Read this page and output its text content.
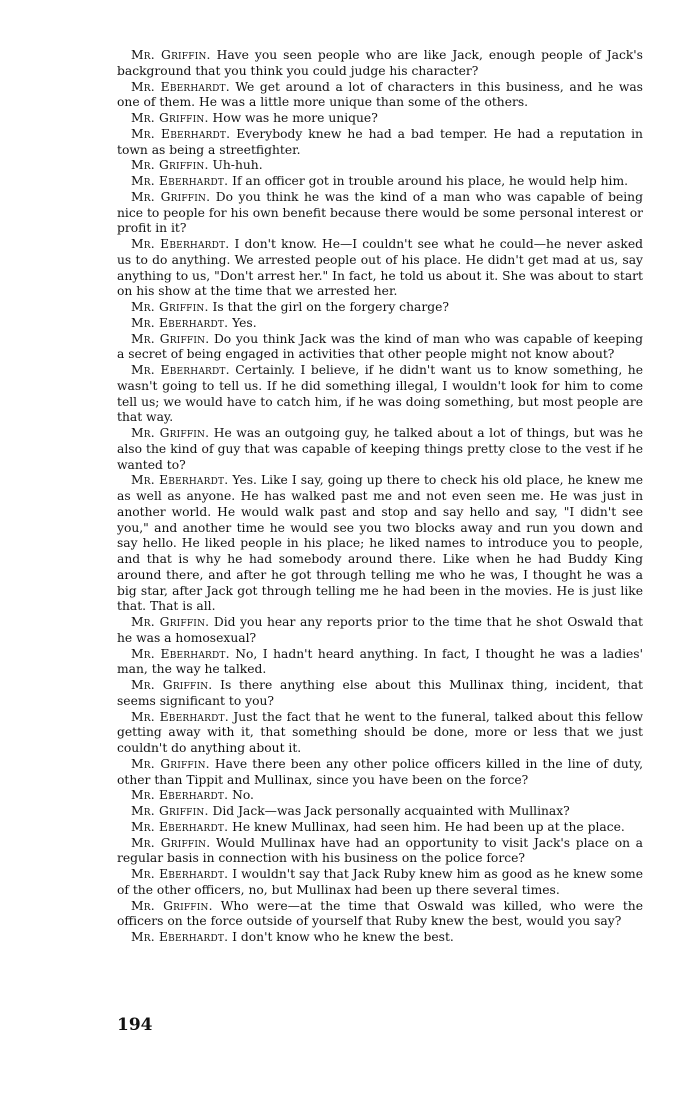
Mr. Griffin. Have you seen people who are like Jack, enough people of Jack's background that you think you could judge his character?

Mr. Eberhardt. We get around a lot of characters in this business, and he was one of them. He was a little more unique than some of the others.

Mr. Griffin. How was he more unique?

Mr. Eberhardt. Everybody knew he had a bad temper. He had a reputation in town as being a streetfighter.

Mr. Griffin. Uh-huh.

Mr. Eberhardt. If an officer got in trouble around his place, he would help him.

Mr. Griffin. Do you think he was the kind of a man who was capable of being nice to people for his own benefit because there would be some personal interest or profit in it?

Mr. Eberhardt. I don't know. He—I couldn't see what he could—he never asked us to do anything. We arrested people out of his place. He didn't get mad at us, say anything to us, "Don't arrest her." In fact, he told us about it. She was about to start on his show at the time that we arrested her.

Mr. Griffin. Is that the girl on the forgery charge?

Mr. Eberhardt. Yes.

Mr. Griffin. Do you think Jack was the kind of man who was capable of keeping a secret of being engaged in activities that other people might not know about?

Mr. Eberhardt. Certainly. I believe, if he didn't want us to know something, he wasn't going to tell us. If he did something illegal, I wouldn't look for him to come tell us; we would have to catch him, if he was doing something, but most people are that way.

Mr. Griffin. He was an outgoing guy, he talked about a lot of things, but was he also the kind of guy that was capable of keeping things pretty close to the vest if he wanted to?

Mr. Eberhardt. Yes. Like I say, going up there to check his old place, he knew me as well as anyone. He has walked past me and not even seen me. He was just in another world. He would walk past and stop and say hello and say, "I didn't see you," and another time he would see you two blocks away and run you down and say hello. He liked people in his place; he liked names to introduce you to people, and that is why he had somebody around there. Like when he had Buddy King around there, and after he got through telling me who he was, I thought he was a big star, after Jack got through telling me he had been in the movies. He is just like that. That is all.

Mr. Griffin. Did you hear any reports prior to the time that he shot Oswald that he was a homosexual?

Mr. Eberhardt. No, I hadn't heard anything. In fact, I thought he was a ladies' man, the way he talked.

Mr. Griffin. Is there anything else about this Mullinax thing, incident, that seems significant to you?

Mr. Eberhardt. Just the fact that he went to the funeral, talked about this fellow getting away with it, that something should be done, more or less that we just couldn't do anything about it.

Mr. Griffin. Have there been any other police officers killed in the line of duty, other than Tippit and Mullinax, since you have been on the force?

Mr. Eberhardt. No.

Mr. Griffin. Did Jack—was Jack personally acquainted with Mullinax?

Mr. Eberhardt. He knew Mullinax, had seen him. He had been up at the place.

Mr. Griffin. Would Mullinax have had an opportunity to visit Jack's place on a regular basis in connection with his business on the police force?

Mr. Eberhardt. I wouldn't say that Jack Ruby knew him as good as he knew some of the other officers, no, but Mullinax had been up there several times.

Mr. Griffin. Who were—at the time that Oswald was killed, who were the officers on the force outside of yourself that Ruby knew the best, would you say?

Mr. Eberhardt. I don't know who he knew the best.

194
